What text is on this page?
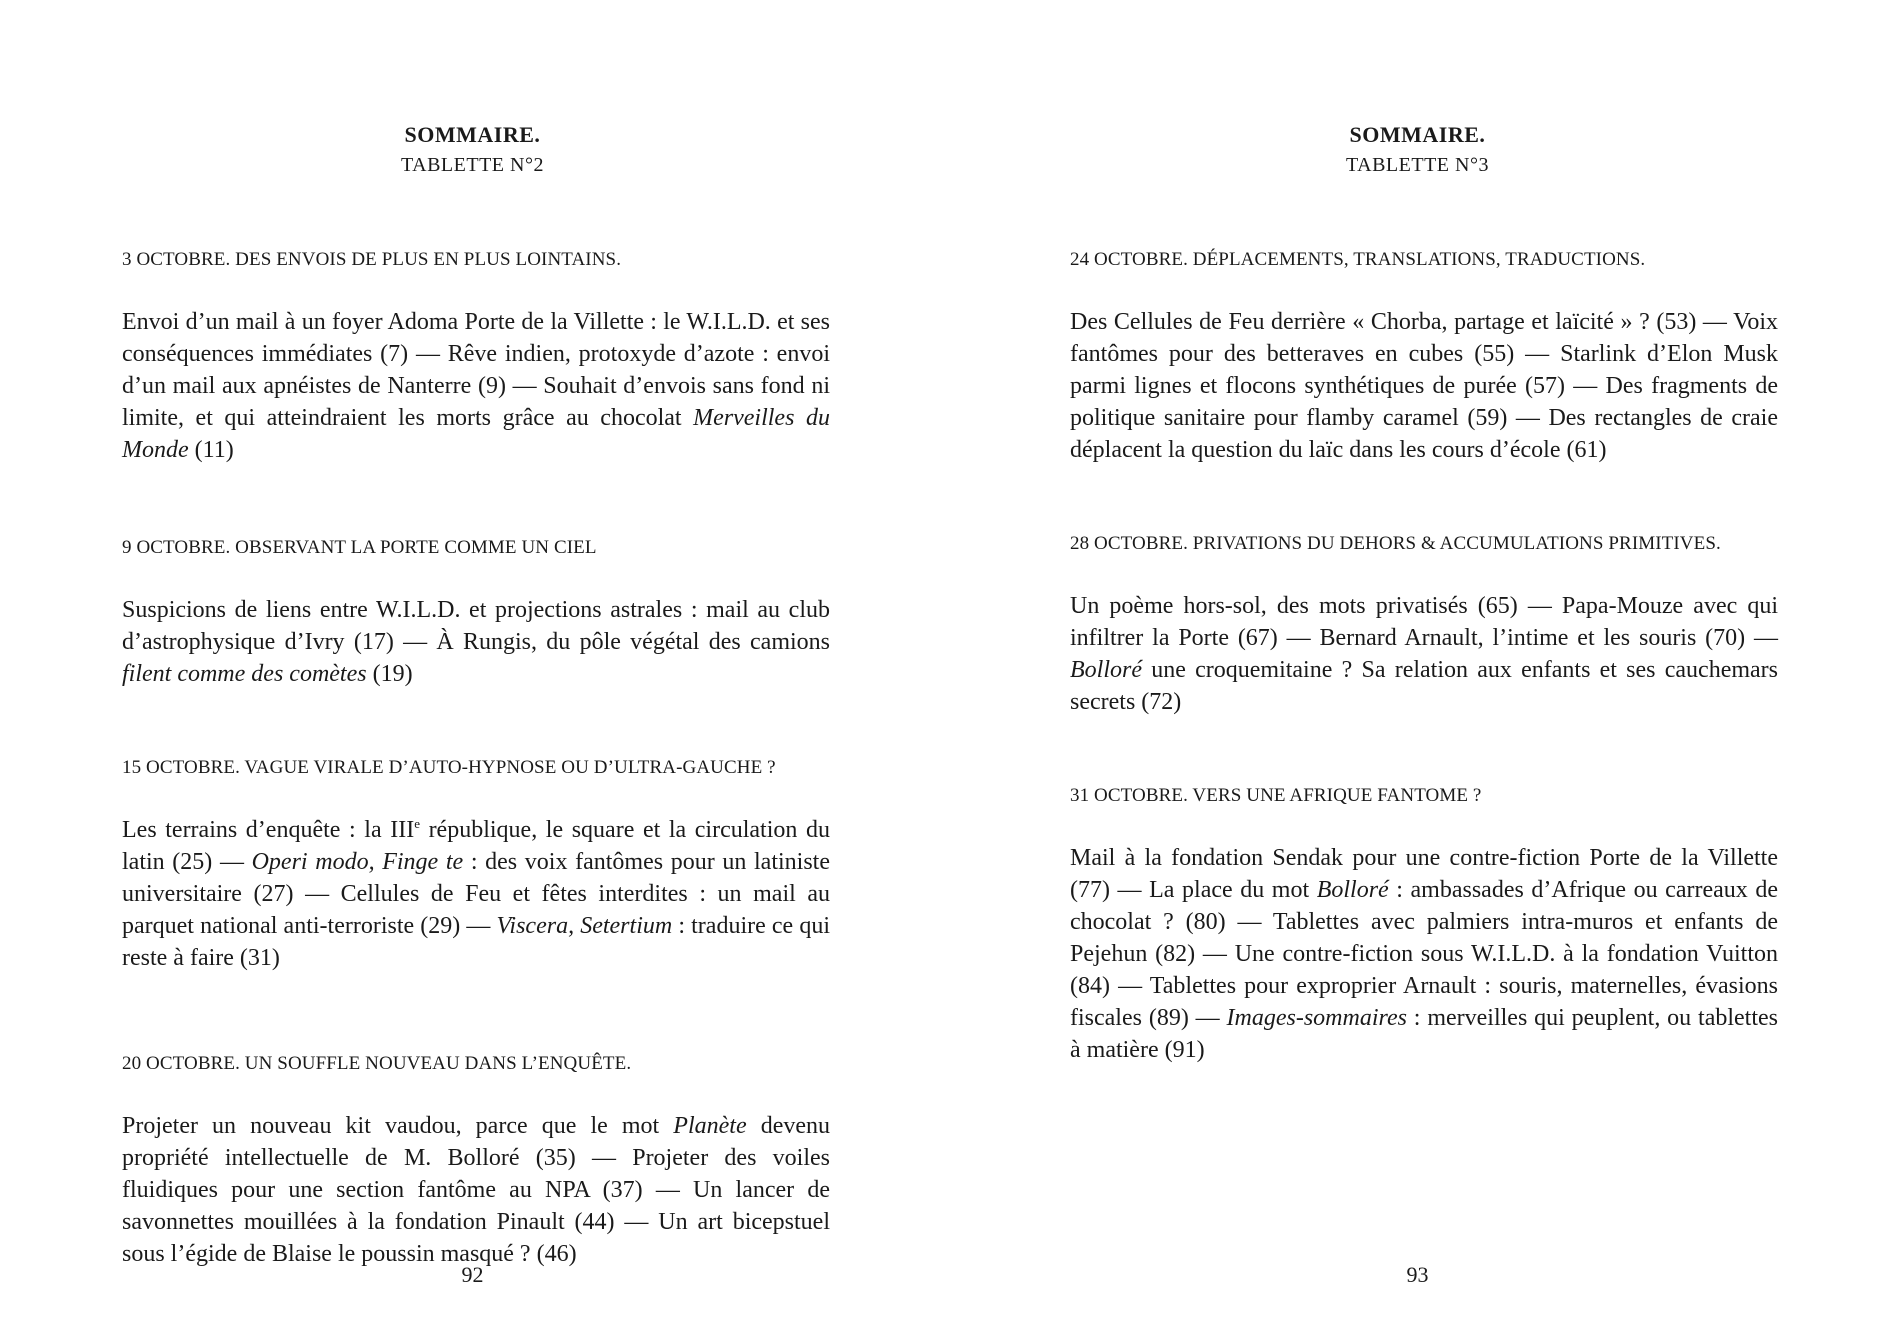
SOMMAIRE.
TABLETTE N°2

3 OCTOBRE. DES ENVOIS DE PLUS EN PLUS LOINTAINS.

Envoi d’un mail à un foyer Adoma Porte de la Villette : le W.I.L.D. et ses conséquences immédiates (7) — Rêve indien, protoxyde d’azote : envoi d’un mail aux apnéistes de Nanterre (9) — Souhait d’envois sans fond ni limite, et qui atteindraient les morts grâce au chocolat Merveilles du Monde (11)

9 OCTOBRE. OBSERVANT LA PORTE COMME UN CIEL

Suspicions de liens entre W.I.L.D. et projections astrales : mail au club d’astrophysique d’Ivry (17) — À Rungis, du pôle végétal des camions filent comme des comètes (19)

15 OCTOBRE. VAGUE VIRALE D’AUTO-HYPNOSE OU D’ULTRA-GAUCHE ?

Les terrains d’enquête : la IIIe république, le square et la circulation du latin (25) — Operi modo, Finge te : des voix fantômes pour un latiniste universitaire (27) — Cellules de Feu et fêtes interdites : un mail au parquet national anti-terroriste (29) — Viscera, Setertium : traduire ce qui reste à faire (31)

20 OCTOBRE. UN SOUFFLE NOUVEAU DANS L’ENQUÊTE.

Projeter un nouveau kit vaudou, parce que le mot Planète devenu propriété intellectuelle de M. Bolloré (35) — Projeter des voiles fluidiques pour une section fantôme au NPA (37) — Un lancer de savonnettes mouillées à la fondation Pinault (44) — Un art bicepstuel sous l’égide de Blaise le poussin masqué ? (46)

92
SOMMAIRE.
TABLETTE N°3

24 OCTOBRE. DÉPLACEMENTS, TRANSLATIONS, TRADUCTIONS.

Des Cellules de Feu derrière « Chorba, partage et laïcité » ? (53) — Voix fantômes pour des betteraves en cubes (55) — Starlink d’Elon Musk parmi lignes et flocons synthétiques de purée (57) — Des fragments de politique sanitaire pour flamby caramel (59) — Des rectangles de craie déplacent la question du laïc dans les cours d’école (61)

28 OCTOBRE. PRIVATIONS DU DEHORS & ACCUMULATIONS PRIMITIVES.

Un poème hors-sol, des mots privatisés (65) — Papa-Mouze avec qui infiltrer la Porte (67) — Bernard Arnault, l’intime et les souris (70) — Bolloré une croquemitaine ? Sa relation aux enfants et ses cauchemars secrets (72)

31 OCTOBRE. VERS UNE AFRIQUE FANTOME ?

Mail à la fondation Sendak pour une contre-fiction Porte de la Villette (77) — La place du mot Bolloré : ambassades d’Afrique ou carreaux de chocolat ? (80) — Tablettes avec palmiers intra-muros et enfants de Pejehun (82) — Une contre-fiction sous W.I.L.D. à la fondation Vuitton (84) — Tablettes pour exproprier Arnault : souris, maternelles, évasions fiscales (89) — Images-sommaires : merveilles qui peuplent, ou tablettes à matière (91)

93
